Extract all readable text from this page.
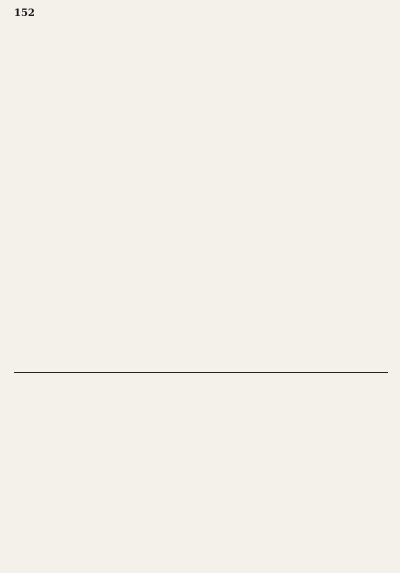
152
